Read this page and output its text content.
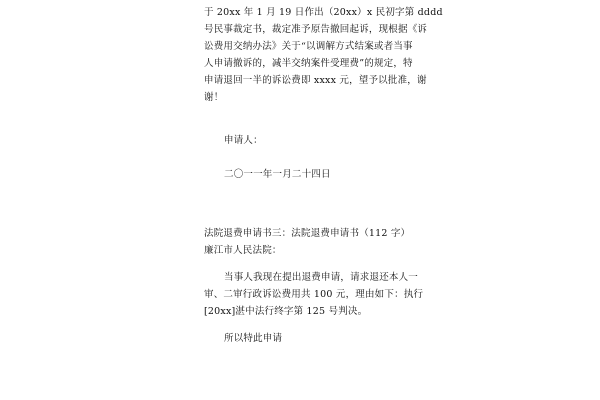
于 20xx 年 1 月 19 日作出（20xx）x 民初字第 dddd
号民事裁定书，裁定准予原告撤回起诉，现根据《诉
讼费用交纳办法》关于“以调解方式结案或者当事
人申请撤诉的，减半交纳案件受理费”的规定，特
申请退回一半的诉讼费即 xxxx 元，望予以批准，谢
谢！
申请人：
二〇一一年一月二十四日
法院退费申请书三：法院退费申请书（112 字）
廉江市人民法院：
当事人我现在提出退费申请，请求退还本人一
审、二审行政诉讼费用共 100 元，理由如下：执行
[20xx]湛中法行终字第 125 号判决。
所以特此申请
